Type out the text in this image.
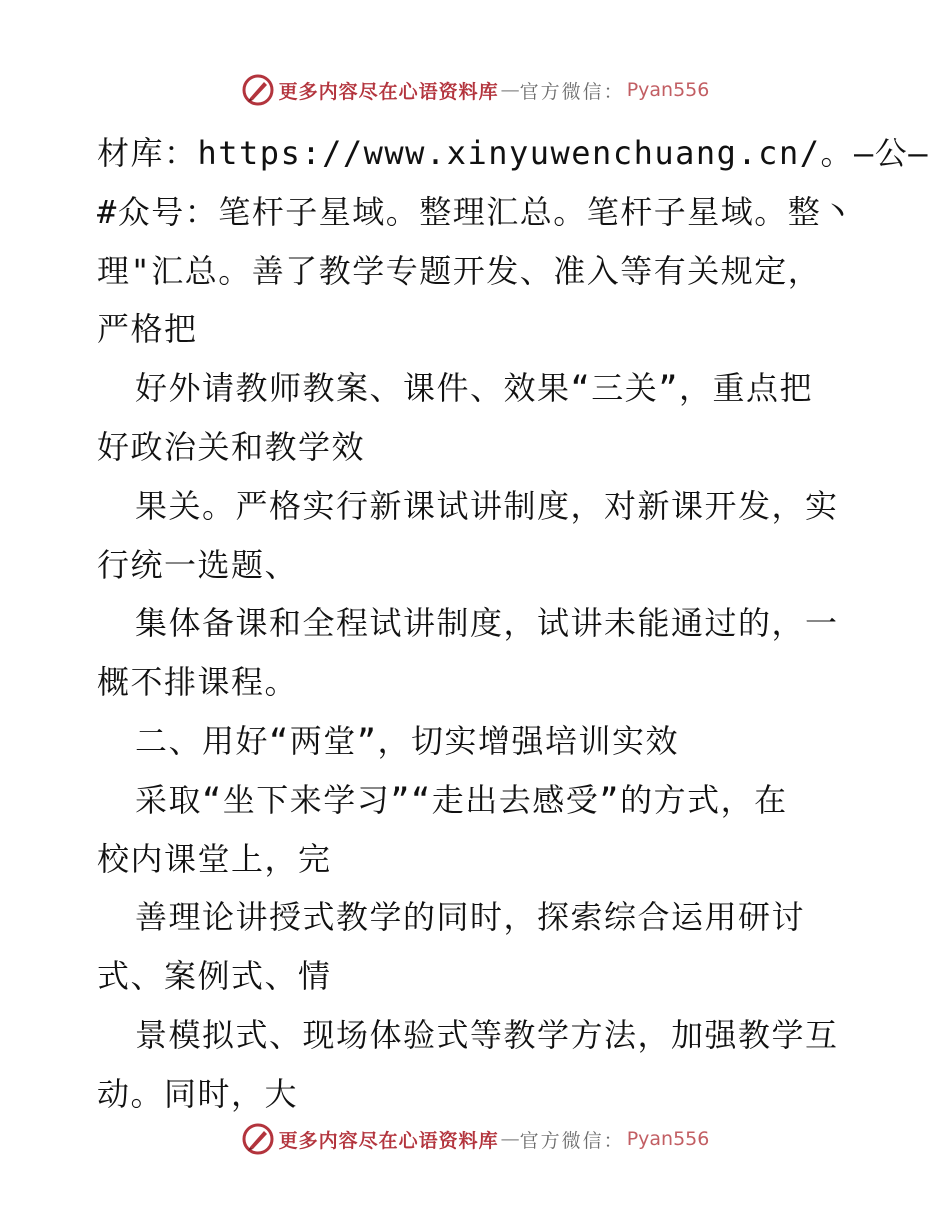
更多内容尽在心语资料库 — 官方微信： Pyan556

材库：https://www.xinyuwenchuang.cn/。—公—

#众号：笔杆子星域。整理汇总。笔杆子星域。整丶

理"汇总。善了教学专题开发、准入等有关规定，

严格把

好外请教师教案、课件、效果“三关”，重点把

好政治关和教学效

果关。严格实行新课试讲制度，对新课开发，实

行统一选题、

集体备课和全程试讲制度，试讲未能通过的，一

概不排课程。

二、用好“两堂”，切实增强培训实效

采取“坐下来学习”“走出去感受”的方式，在

校内课堂上，完

善理论讲授式教学的同时，探索综合运用研讨

式、案例式、情

景模拟式、现场体验式等教学方法，加强教学互

动。同时，大

更多内容尽在心语资料库 — 官方微信： Pyan556
